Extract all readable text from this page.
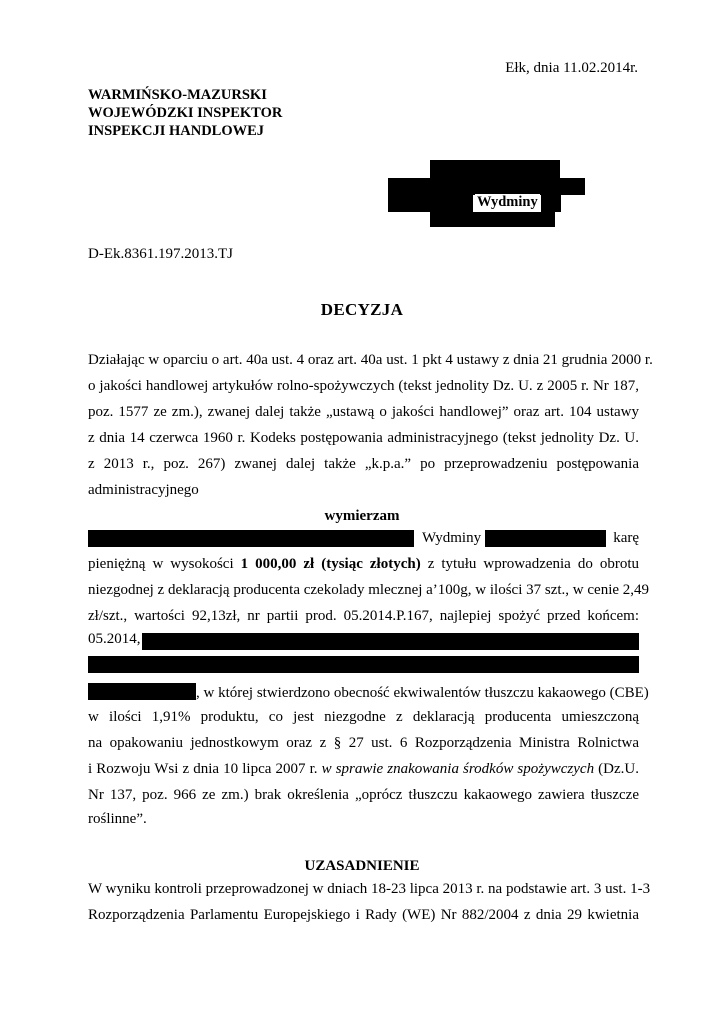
Ełk, dnia 11.02.2014r.
WARMIŃSKO-MAZURSKI
WOJEWÓDZKI INSPEKTOR
INSPEKCJI HANDLOWEJ
Wydminy
D-Ek.8361.197.2013.TJ
DECYZJA
Działając w oparciu o art. 40a ust. 4 oraz art. 40a ust. 1 pkt 4 ustawy z dnia 21 grudnia 2000 r.
o jakości handlowej artykułów rolno-spożywczych (tekst jednolity Dz. U. z 2005 r. Nr 187,
poz. 1577 ze zm.), zwanej dalej także „ustawą o jakości handlowej” oraz art. 104 ustawy
z dnia 14 czerwca 1960 r. Kodeks postępowania administracyjnego (tekst jednolity Dz. U.
z 2013 r., poz. 267) zwanej dalej także „k.p.a.” po przeprowadzeniu postępowania
administracyjnego
wymierzam
Wydminy	karę
pieniężną w wysokości 1 000,00 zł (tysiąc złotych) z tytułu wprowadzenia do obrotu
niezgodnej z deklaracją producenta czekolady mlecznej a’100g, w ilości 37 szt., w cenie 2,49
zł/szt., wartości 92,13zł, nr partii prod. 05.2014.P.167, najlepiej spożyć przed końcem:
05.2014,
, w której stwierdzono obecność ekwiwalentów tłuszczu kakaowego (CBE)
w ilości 1,91% produktu, co jest niezgodne z deklaracją producenta umieszczoną
na opakowaniu jednostkowym oraz z § 27 ust. 6 Rozporządzenia Ministra Rolnictwa
i Rozwoju Wsi z dnia 10 lipca 2007 r. w sprawie znakowania środków spożywczych (Dz.U.
Nr 137, poz. 966 ze zm.) brak określenia „oprócz tłuszczu kakaowego zawiera tłuszcze
roślinne”.
UZASADNIENIE
W wyniku kontroli przeprowadzonej w dniach 18-23 lipca 2013 r. na podstawie art. 3 ust. 1-3
Rozporządzenia Parlamentu Europejskiego i Rady (WE) Nr 882/2004 z dnia 29 kwietnia
